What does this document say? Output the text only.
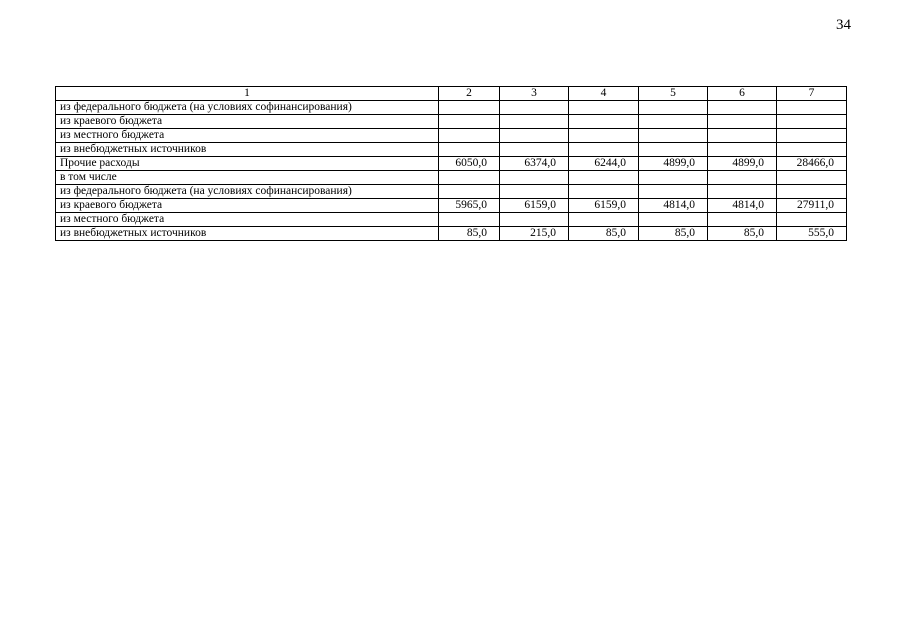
34
1	2	3	4	5	6	7
из федерального бюджета (на условиях софинансирования)						
из краевого бюджета						
из местного бюджета						
из внебюджетных источников						
Прочие расходы	6050,0	6374,0	6244,0	4899,0	4899,0	28466,0
в том числе						
из федерального бюджета (на условиях софинансирования)						
из краевого бюджета	5965,0	6159,0	6159,0	4814,0	4814,0	27911,0
из местного бюджета						
из внебюджетных источников	85,0	215,0	85,0	85,0	85,0	555,0
